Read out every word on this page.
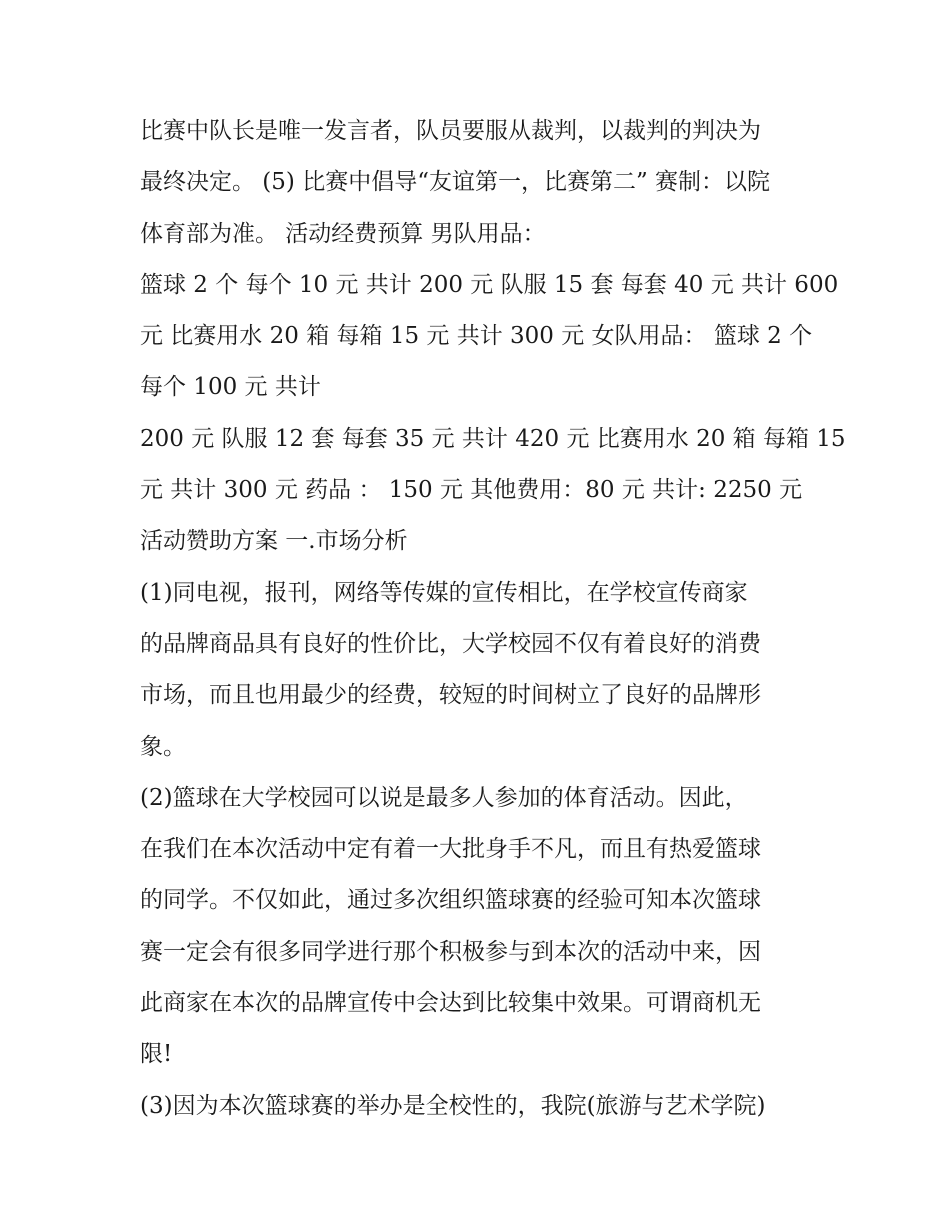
比赛中队长是唯一发言者，队员要服从裁判，以裁判的判决为
最终决定。 (5) 比赛中倡导“友谊第一，比赛第二” 赛制：以院
体育部为准。 活动经费预算 男队用品：
篮球 2 个 每个 10 元 共计 200 元 队服 15 套 每套 40 元 共计 600
元 比赛用水 20 箱 每箱 15 元 共计 300 元 女队用品： 篮球 2 个
每个 100 元 共计
200 元 队服 12 套 每套 35 元 共计 420 元 比赛用水 20 箱 每箱 15
元 共计 300 元 药品 ： 150 元 其他费用：80 元 共计: 2250 元
活动赞助方案 一.市场分析
(1)同电视，报刊，网络等传媒的宣传相比，在学校宣传商家
的品牌商品具有良好的性价比，大学校园不仅有着良好的消费
市场，而且也用最少的经费，较短的时间树立了良好的品牌形
象。
(2)篮球在大学校园可以说是最多人参加的体育活动。因此，
在我们在本次活动中定有着一大批身手不凡，而且有热爱篮球
的同学。不仅如此，通过多次组织篮球赛的经验可知本次篮球
赛一定会有很多同学进行那个积极参与到本次的活动中来，因
此商家在本次的品牌宣传中会达到比较集中效果。可谓商机无
限!
(3)因为本次篮球赛的举办是全校性的，我院(旅游与艺术学院)
